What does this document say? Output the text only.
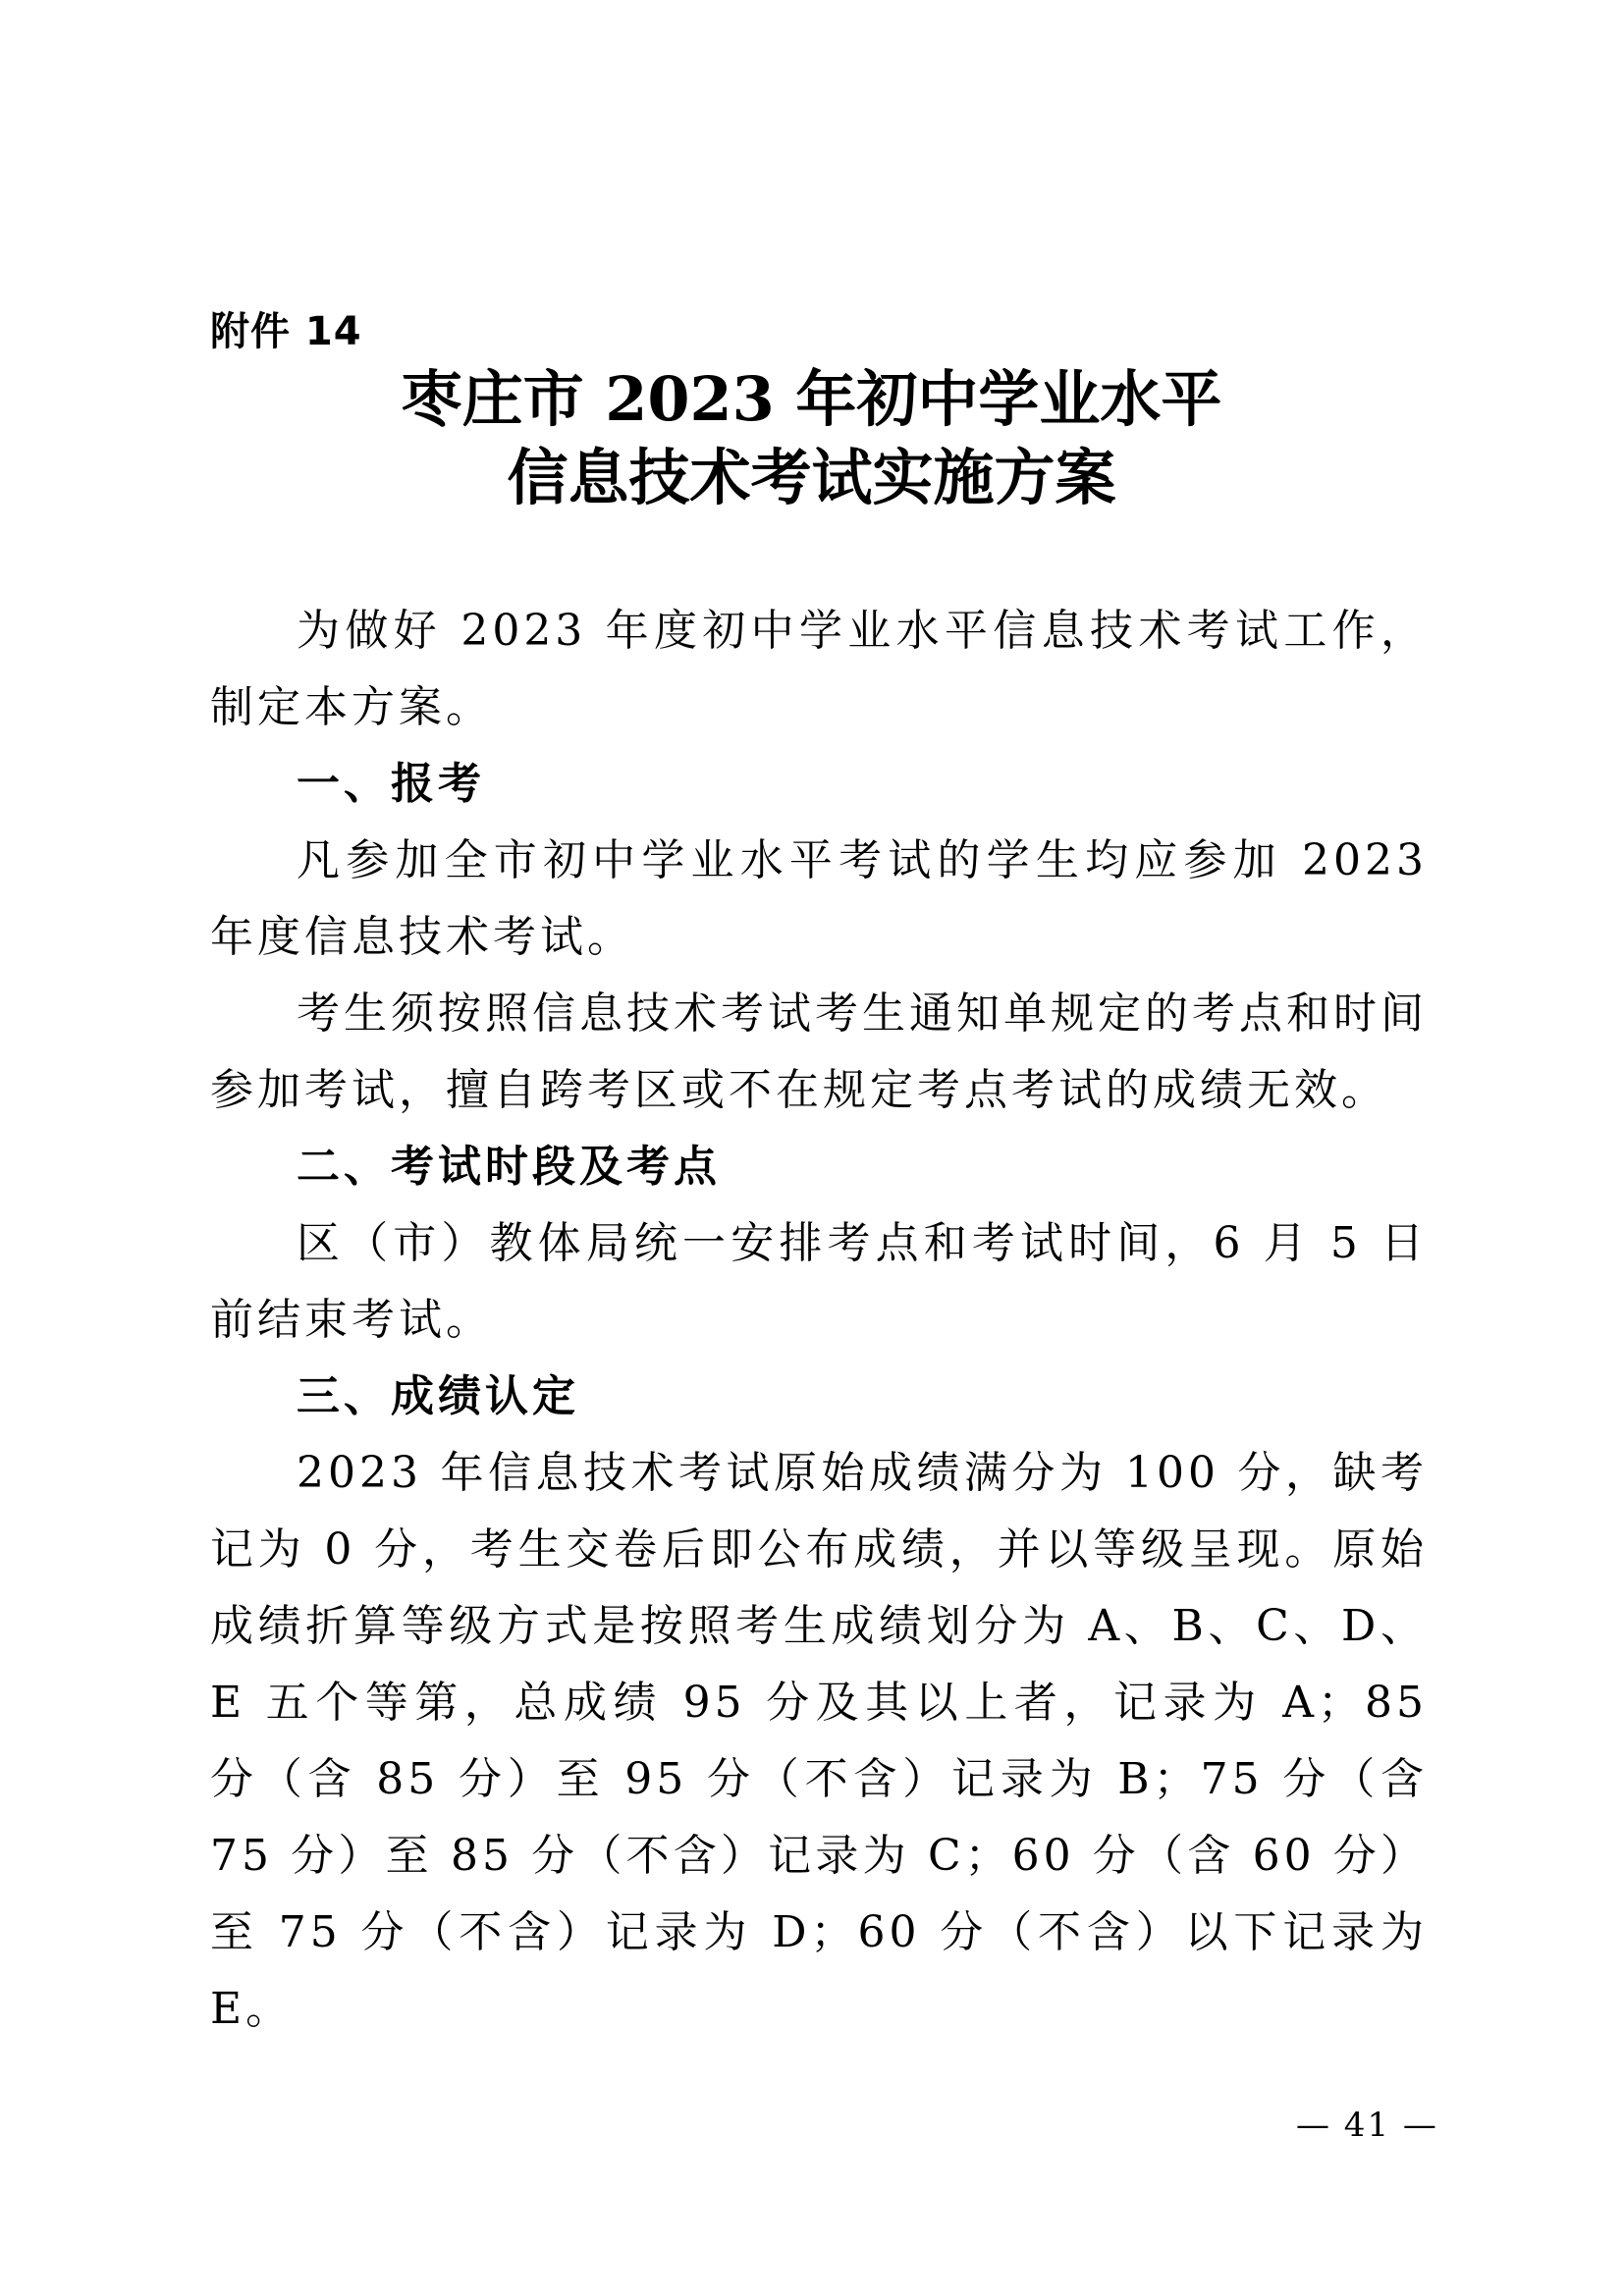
附件 14
枣庄市 2023 年初中学业水平
信息技术考试实施方案

为做好 2023 年度初中学业水平信息技术考试工作，制定本方案。

一、报考

凡参加全市初中学业水平考试的学生均应参加 2023 年度信息技术考试。

考生须按照信息技术考试考生通知单规定的考点和时间参加考试，擅自跨考区或不在规定考点考试的成绩无效。

二、考试时段及考点

区（市）教体局统一安排考点和考试时间，6 月 5 日前结束考试。

三、成绩认定

2023 年信息技术考试原始成绩满分为 100 分，缺考记为 0 分，考生交卷后即公布成绩，并以等级呈现。原始成绩折算等级方式是按照考生成绩划分为 A、B、C、D、E 五个等第，总成绩 95 分及其以上者，记录为 A；85 分（含 85 分）至 95 分（不含）记录为 B；75 分（含 75 分）至 85 分（不含）记录为 C；60 分（含 60 分）至 75 分（不含）记录为 D；60 分（不含）以下记录为 E。

— 41 —
